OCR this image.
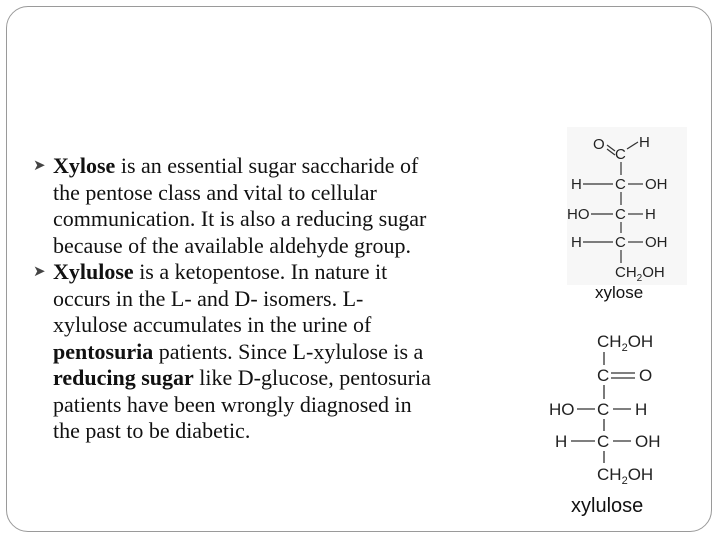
➤ Xylose is an essential sugar saccharide of
the pentose class and vital to cellular
communication. It is also a reducing sugar
because of the available aldehyde group.

➤ Xylulose is a ketopentose. In nature it
occurs in the L- and D- isomers. L-
xylulose accumulates in the urine of
pentosuria patients. Since L-xylulose is a
reducing sugar like D-glucose, pentosuria
patients have been wrongly diagnosed in
the past to be diabetic.

O
C
H
H C OH
HO C H
H C OH
$CH_2OH$
xylose
$CH_2OH$
C O
HO C H
H C OH
$CH_2OH$
xylulose
